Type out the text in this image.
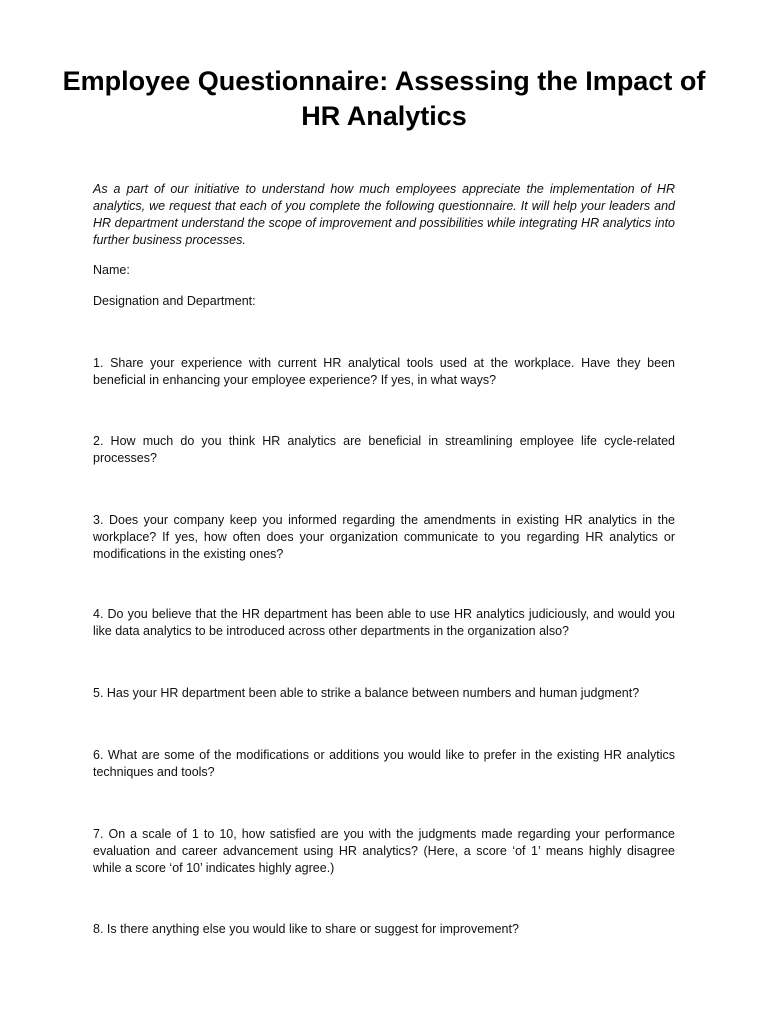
Employee Questionnaire: Assessing the Impact of HR Analytics

As a part of our initiative to understand how much employees appreciate the implementation of HR analytics, we request that each of you complete the following questionnaire. It will help your leaders and HR department understand the scope of improvement and possibilities while integrating HR analytics into further business processes.

Name:

Designation and Department:

1. Share your experience with current HR analytical tools used at the workplace. Have they been beneficial in enhancing your employee experience? If yes, in what ways?

2. How much do you think HR analytics are beneficial in streamlining employee life cycle-related processes?

3. Does your company keep you informed regarding the amendments in existing HR analytics in the workplace? If yes, how often does your organization communicate to you regarding HR analytics or modifications in the existing ones?

4. Do you believe that the HR department has been able to use HR analytics judiciously, and would you like data analytics to be introduced across other departments in the organization also?

5. Has your HR department been able to strike a balance between numbers and human judgment?

6. What are some of the modifications or additions you would like to prefer in the existing HR analytics techniques and tools?

7. On a scale of 1 to 10, how satisfied are you with the judgments made regarding your performance evaluation and career advancement using HR analytics? (Here, a score ‘of 1’ means highly disagree while a score ‘of 10’ indicates highly agree.)

8. Is there anything else you would like to share or suggest for improvement?
